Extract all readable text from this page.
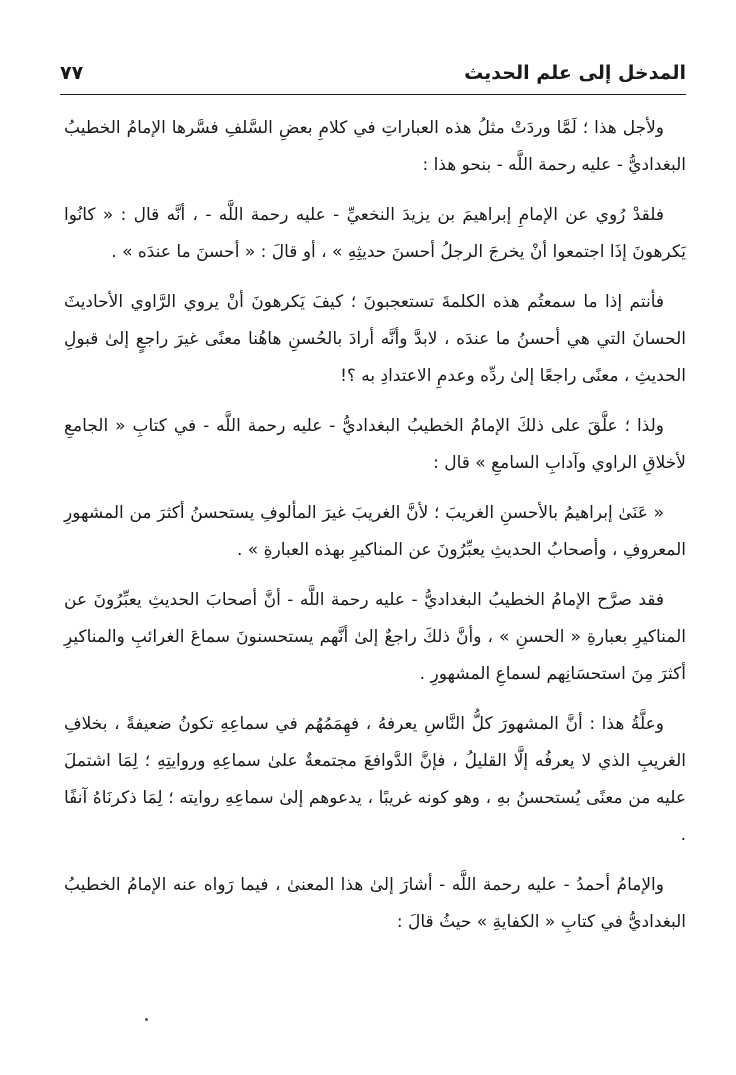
المدخل إلى علم الحديث
٧٧

ولأجل هذا ؛ لَمَّا وردَتْ مثلُ هذه العباراتِ في كلامِ بعضِ السَّلفِ فسَّرها الإمامُ الخطيبُ البغداديُّ - عليه رحمة اللَّه - بنحو هذا :

فلقدْ رُوي عن الإمامِ إبراهيمَ بن يزيدَ النخعيِّ - عليه رحمة اللَّه - ، أنَّه قال : « كانُوا يَكرهونَ إذَا اجتمعوا أنْ يخرجَ الرجلُ أحسنَ حديثِهِ » ، أو قالَ : « أحسنَ ما عندَه » .

فأنتم إذا ما سمعتُم هذه الكلمةَ تستعجبونَ ؛ كيفَ يَكرهونَ أنْ يروي الرَّاوي الأحاديثَ الحسانَ التي هي أحسنُ ما عندَه ، لابدَّ وأنَّه أرادَ بالحُسنِ هاهُنا معنًى غيرَ راجعٍ إلىٰ قبولِ الحديثِ ، معنًى راجعًا إلىٰ ردِّه وعدمِ الاعتدادِ به ؟!

ولذا ؛ علَّقَ على ذلكَ الإمامُ الخطيبُ البغداديُّ - عليه رحمة اللَّه - في كتابِ « الجامعِ لأخلاقِ الراوي وآدابِ السامعِ » قال :

« عَنَىٰ إبراهيمُ بالأحسنِ الغريبَ ؛ لأنَّ الغريبَ غيرَ المألوفِ يستحسنُ أكثرَ من المشهورِ المعروفِ ، وأصحابُ الحديثِ يعبِّرُونَ عن المناكيرِ بهذه العبارةِ » .

فقد صرَّح الإمامُ الخطيبُ البغداديُّ - عليه رحمة اللَّه - أنَّ أصحابَ الحديثِ يعبِّرُونَ عن المناكيرِ بعبارةِ « الحسنِ » ، وأنَّ ذلكَ راجعٌ إلىٰ أنَّهم يستحسنونَ سماعَ الغرائبِ والمناكيرِ أكثرَ مِنَ استحسَانِهم لسماعِ المشهورِ .

وعلَّةُ هذا : أنَّ المشهورَ كلُّ النَّاسِ يعرفهُ ، فهِمَمُهُم في سماعِهِ تكونُ ضعيفةً ، بخلافِ الغريبِ الذي لا يعرفُه إلَّا القليلُ ، فإنَّ الدَّوافعَ مجتمعةٌ علىٰ سماعِهِ وروايتِهِ ؛ لِمَا اشتملَ عليه من معنًى يُستحسنُ بهِ ، وهو كونه غريبًا ، يدعوهم إلىٰ سماعِهِ روايته ؛ لِمَا ذكرنَاهُ آنفًا .

والإمامُ أحمدُ - عليه رحمة اللَّه - أشارَ إلىٰ هذا المعنىٰ ، فيما رَواه عنه الإمامُ الخطيبُ البغداديُّ في كتابِ « الكفايةِ » حيثُ قالَ :
